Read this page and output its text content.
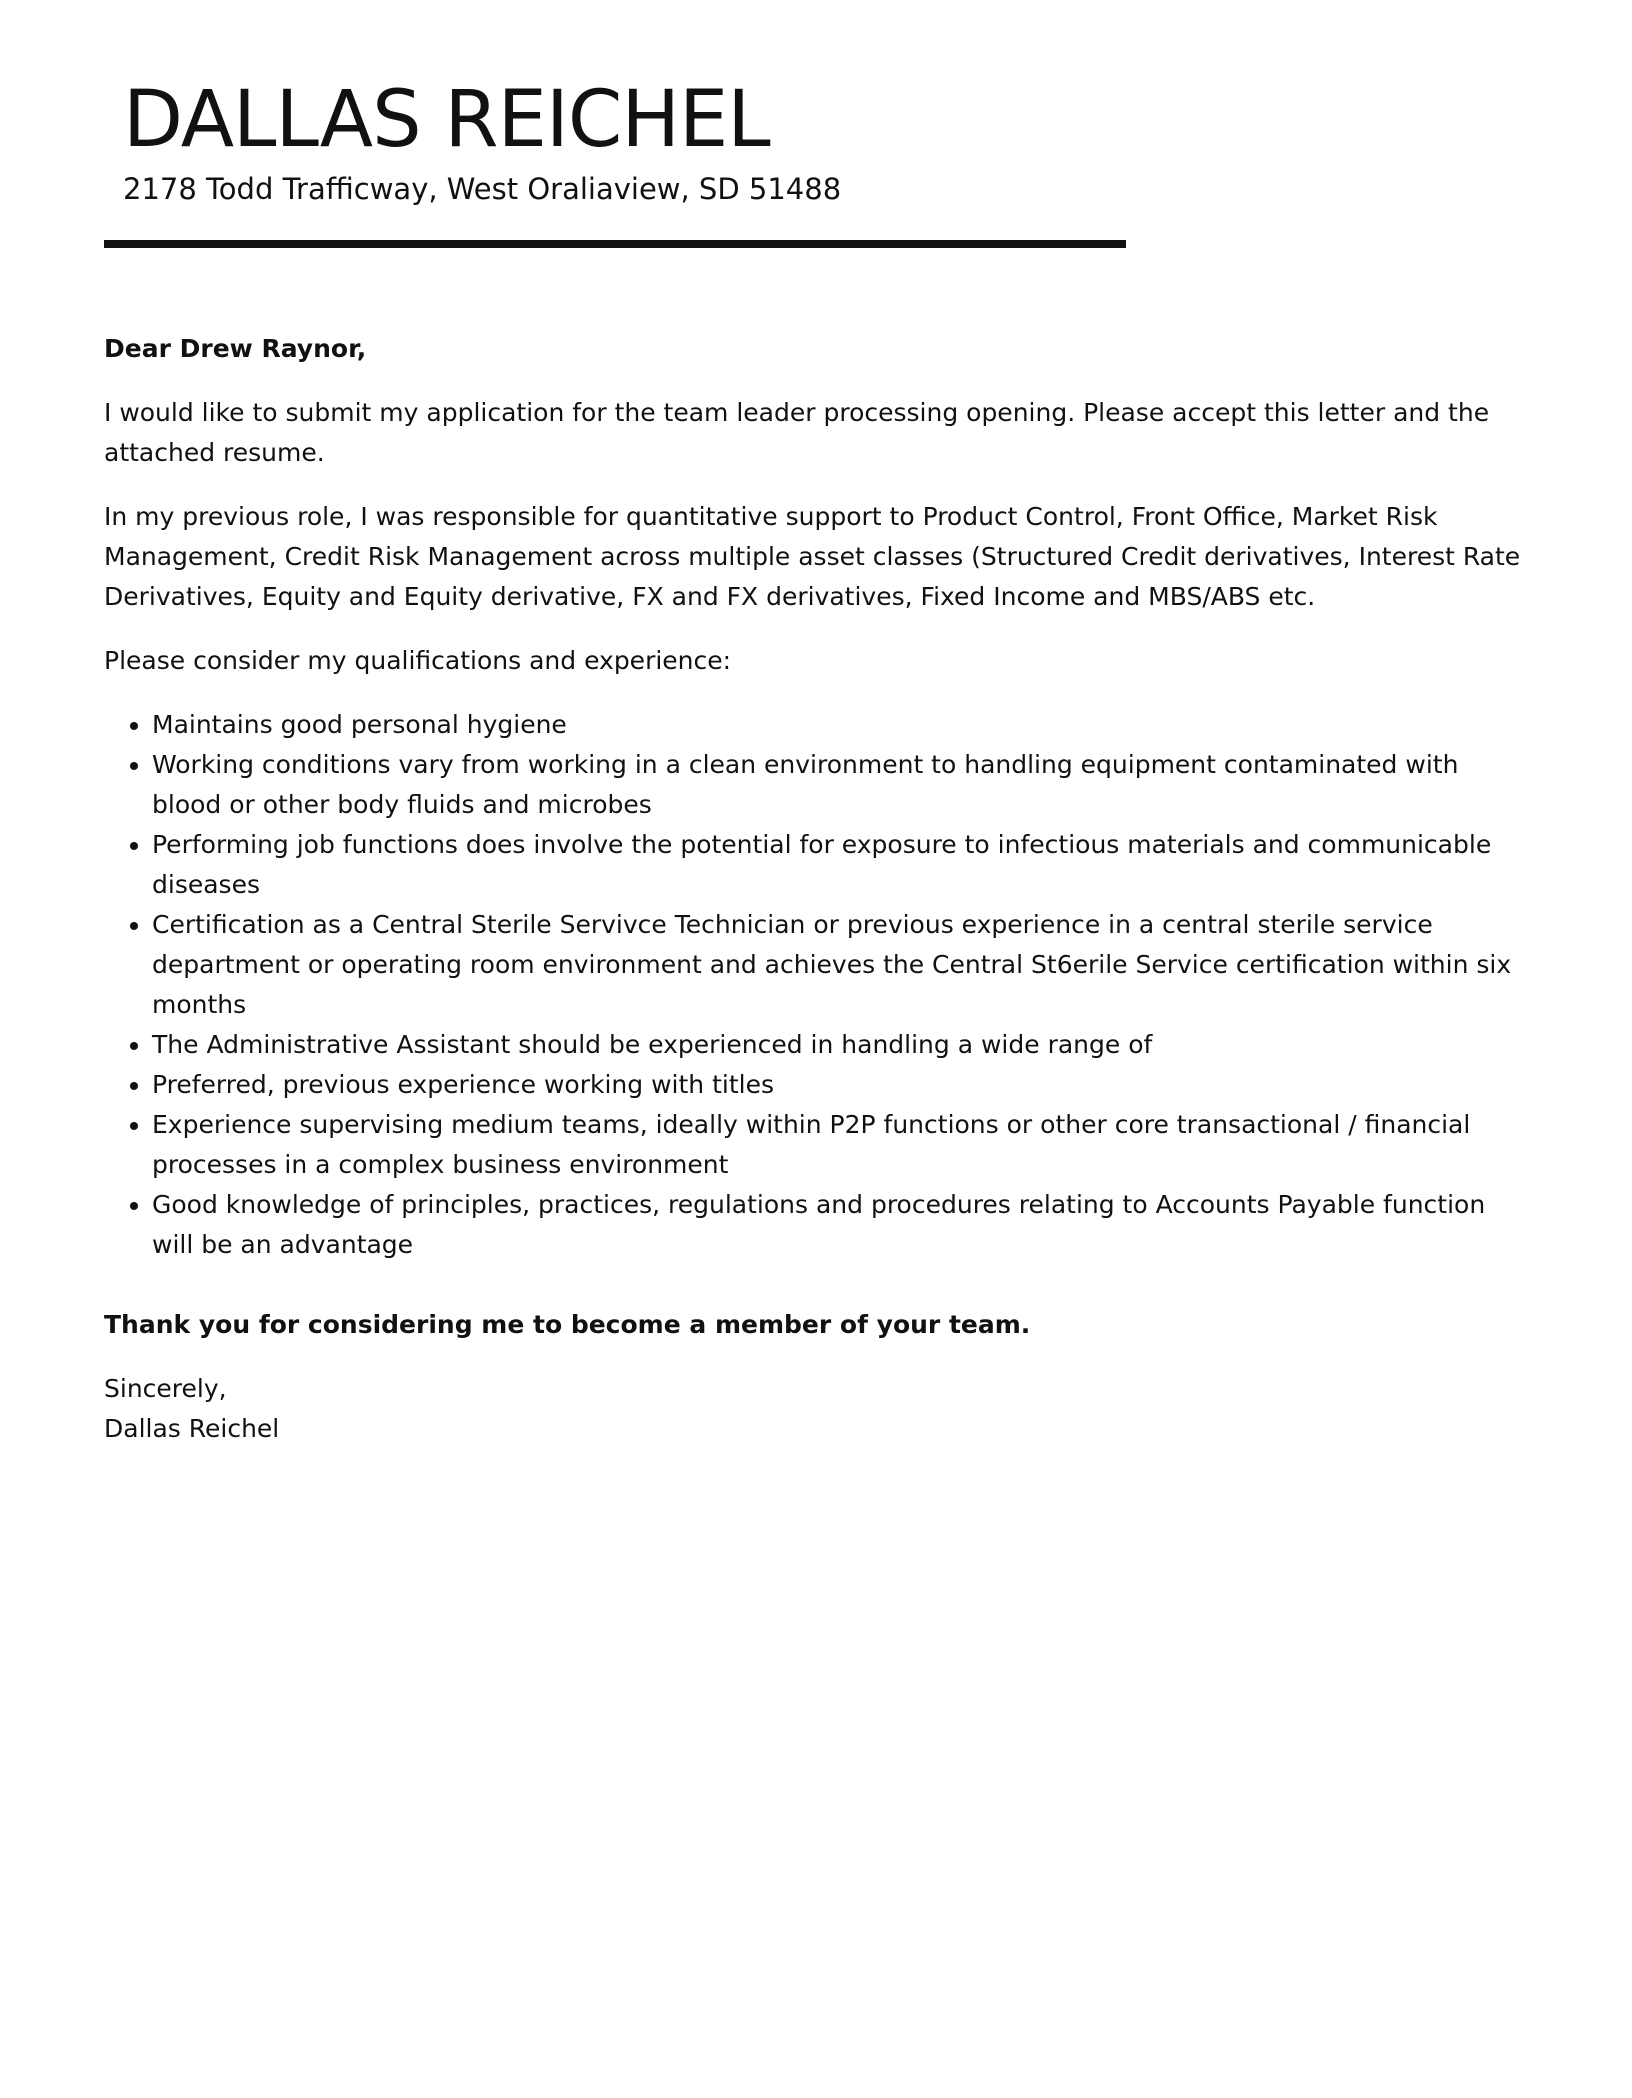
DALLAS REICHEL
2178 Todd Trafficway, West Oraliaview, SD 51488

Dear Drew Raynor,

I would like to submit my application for the team leader processing opening. Please accept this letter and the attached resume.

In my previous role, I was responsible for quantitative support to Product Control, Front Office, Market Risk Management, Credit Risk Management across multiple asset classes (Structured Credit derivatives, Interest Rate Derivatives, Equity and Equity derivative, FX and FX derivatives, Fixed Income and MBS/ABS etc.

Please consider my qualifications and experience:

• Maintains good personal hygiene
• Working conditions vary from working in a clean environment to handling equipment contaminated with blood or other body fluids and microbes
• Performing job functions does involve the potential for exposure to infectious materials and communicable diseases
• Certification as a Central Sterile Servivce Technician or previous experience in a central sterile service department or operating room environment and achieves the Central St6erile Service certification within six months
• The Administrative Assistant should be experienced in handling a wide range of
• Preferred, previous experience working with titles
• Experience supervising medium teams, ideally within P2P functions or other core transactional / financial processes in a complex business environment
• Good knowledge of principles, practices, regulations and procedures relating to Accounts Payable function will be an advantage

Thank you for considering me to become a member of your team.

Sincerely,
Dallas Reichel
